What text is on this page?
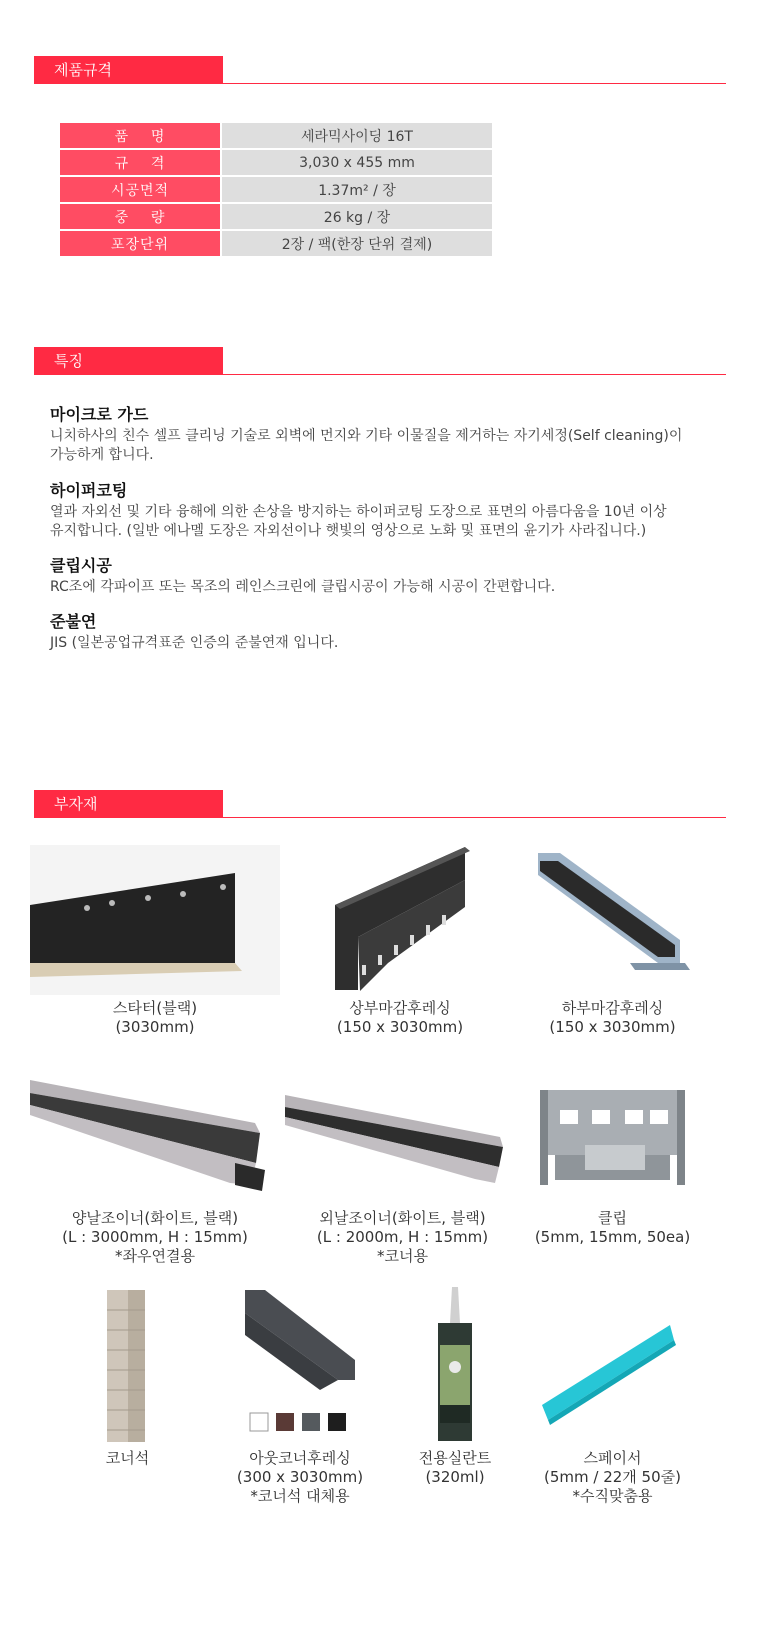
제품규격
품    명	세라믹사이딩 16T
규    격	3,030 x 455 mm
시공면적	1.37m² / 장
중    량	26 kg / 장
포장단위	2장 / 팩(한장 단위 결제)
특징
마이크로 가드
니치하사의 친수 셀프 클리닝 기술로 외벽에 먼지와 기타 이물질을 제거하는 자기세정(Self cleaning)이
가능하게 합니다.
하이퍼코팅
열과 자외선 및 기타 융해에 의한 손상을 방지하는 하이퍼코팅 도장으로 표면의 아름다움을 10년 이상
유지합니다. (일반 에나멜 도장은 자외선이나 햇빛의 영상으로 노화 및 표면의 윤기가 사라집니다.)
클립시공
RC조에 각파이프 또는 목조의 레인스크린에 클립시공이 가능해 시공이 간편합니다.
준불연
JIS (일본공업규격표준 인증의 준불연재 입니다.
부자재
스타터(블랙)
(3030mm)
상부마감후레싱
(150 x 3030mm)
하부마감후레싱
(150 x 3030mm)
양날조이너(화이트, 블랙)
(L : 3000mm, H : 15mm)
*좌우연결용
외날조이너(화이트, 블랙)
(L : 2000m, H : 15mm)
*코너용
클립
(5mm, 15mm, 50ea)
코너석	아웃코너후레싱
(300 x 3030mm)
*코너석 대체용
전용실란트
(320ml)
스페이서
(5mm / 22개 50줄)
*수직맞춤용
